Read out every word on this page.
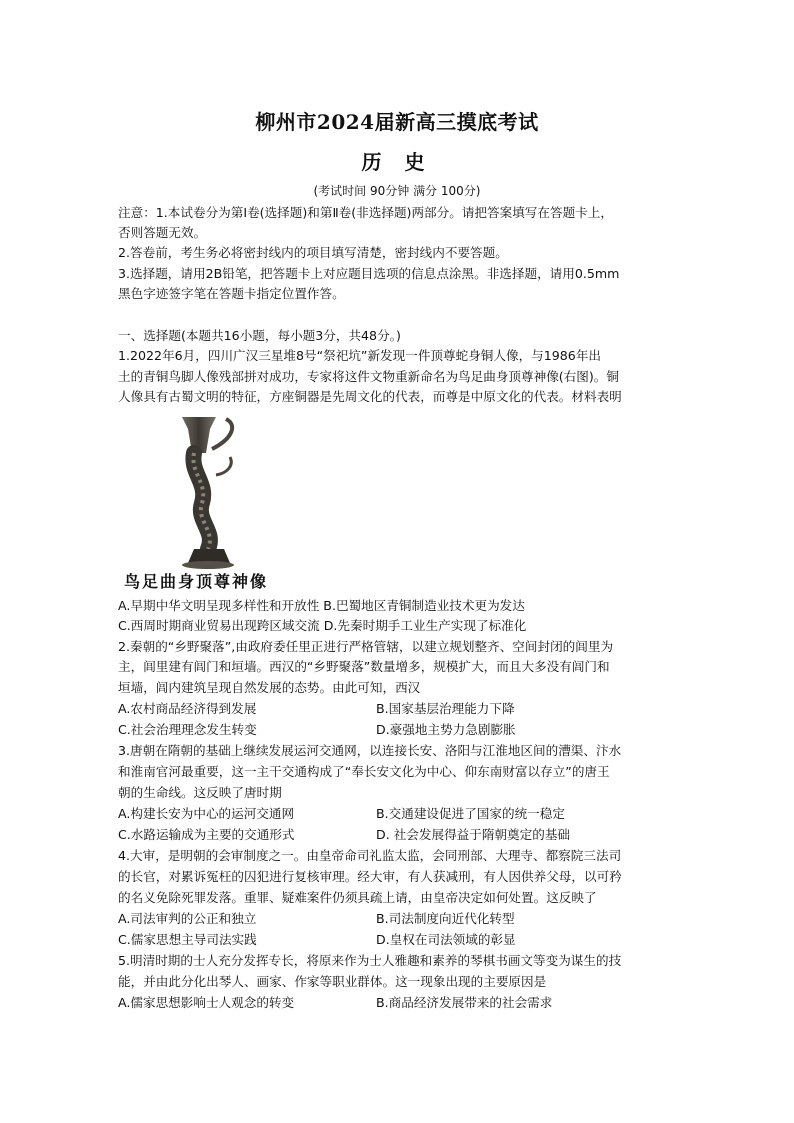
柳州市2024届新高三摸底考试
历 史
(考试时间 90分钟 满分 100分)
注意：1.本试卷分为第Ⅰ卷(选择题)和第Ⅱ卷(非选择题)两部分。请把答案填写在答题卡上，
否则答题无效。
2.答卷前，考生务必将密封线内的项目填写清楚，密封线内不要答题。
3.选择题，请用2B铅笔，把答题卡上对应题目选项的信息点涂黑。非选择题，请用0.5mm
黑色字迹签字笔在答题卡指定位置作答。
一、选择题(本题共16小题，每小题3分，共48分。)
1.2022年6月，四川广汉三星堆8号“祭祀坑”新发现一件顶尊蛇身铜人像，与1986年出
土的青铜鸟脚人像残部拼对成功，专家将这件文物重新命名为鸟足曲身顶尊神像(右图)。铜
人像具有古蜀文明的特征，方座铜器是先周文化的代表，而尊是中原文化的代表。材料表明
鸟足曲身顶尊神像
A.早期中华文明呈现多样性和开放性 B.巴蜀地区青铜制造业技术更为发达
C.西周时期商业贸易出现跨区域交流 D.先秦时期手工业生产实现了标准化
2.秦朝的“乡野聚落”,由政府委任里正进行严格管辖，以建立规划整齐、空间封闭的闾里为
主，闾里建有闾门和垣墙。西汉的“乡野聚落”数量增多，规模扩大，而且大多没有闾门和
垣墙，闾内建筑呈现自然发展的态势。由此可知，西汉
A.农村商品经济得到发展	B.国家基层治理能力下降
C.社会治理理念发生转变	D.豪强地主势力急剧膨胀
3.唐朝在隋朝的基础上继续发展运河交通网，以连接长安、洛阳与江淮地区间的漕渠、汴水
和淮南官河最重要，这一主干交通构成了“奉长安文化为中心、仰东南财富以存立”的唐王
朝的生命线。这反映了唐时期
A.构建长安为中心的运河交通网	B.交通建设促进了国家的统一稳定
C.水路运输成为主要的交通形式	D. 社会发展得益于隋朝奠定的基础
4.大审，是明朝的会审制度之一。由皇帝命司礼监太监，会同刑部、大理寺、都察院三法司
的长官，对累诉冤枉的囚犯进行复核审理。经大审，有人获减刑，有人因供养父母，以可矜
的名义免除死罪发落。重罪、疑难案件仍须具疏上请，由皇帝决定如何处置。这反映了
A.司法审判的公正和独立	B.司法制度向近代化转型
C.儒家思想主导司法实践	D.皇权在司法领域的彰显
5.明清时期的士人充分发挥专长，将原来作为士人雅趣和素养的琴棋书画文等变为谋生的技
能，并由此分化出琴人、画家、作家等职业群体。这一现象出现的主要原因是
A.儒家思想影响士人观念的转变	B.商品经济发展带来的社会需求
